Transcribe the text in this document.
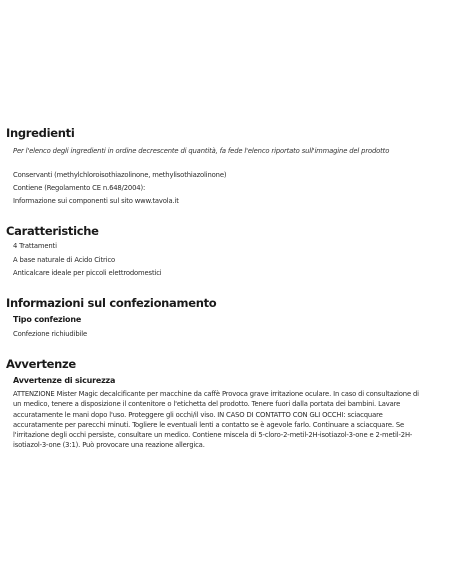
Ingredienti

Per l'elenco degli ingredienti in ordine decrescente di quantità, fa fede l'elenco riportato sull'immagine del prodotto

Conservanti (methylchloroisothiazolinone, methylisothiazolinone)

Contiene (Regolamento CE n.648/2004):

Informazione sui componenti sul sito www.tavola.it

Caratteristiche

4 Trattamenti

A base naturale di Acido Citrico

Anticalcare ideale per piccoli elettrodomestici

Informazioni sul confezionamento
Tipo confezione

Confezione richiudibile

Avvertenze
Avvertenze di sicurezza
ATTENZIONE Mister Magic decalcificante per macchine da caffè Provoca grave irritazione oculare. In caso di consultazione di
un medico, tenere a disposizione il contenitore o l'etichetta del prodotto. Tenere fuori dalla portata dei bambini. Lavare
accuratamente le mani dopo l'uso. Proteggere gli occhi/il viso. IN CASO DI CONTATTO CON GLI OCCHI: sciacquare
accuratamente per parecchi minuti. Togliere le eventuali lenti a contatto se è agevole farlo. Continuare a sciacquare. Se
l'irritazione degli occhi persiste, consultare un medico. Contiene miscela di 5-cloro-2-metil-2H-isotiazol-3-one e 2-metil-2H-
isotiazol-3-one (3:1). Può provocare una reazione allergica.
